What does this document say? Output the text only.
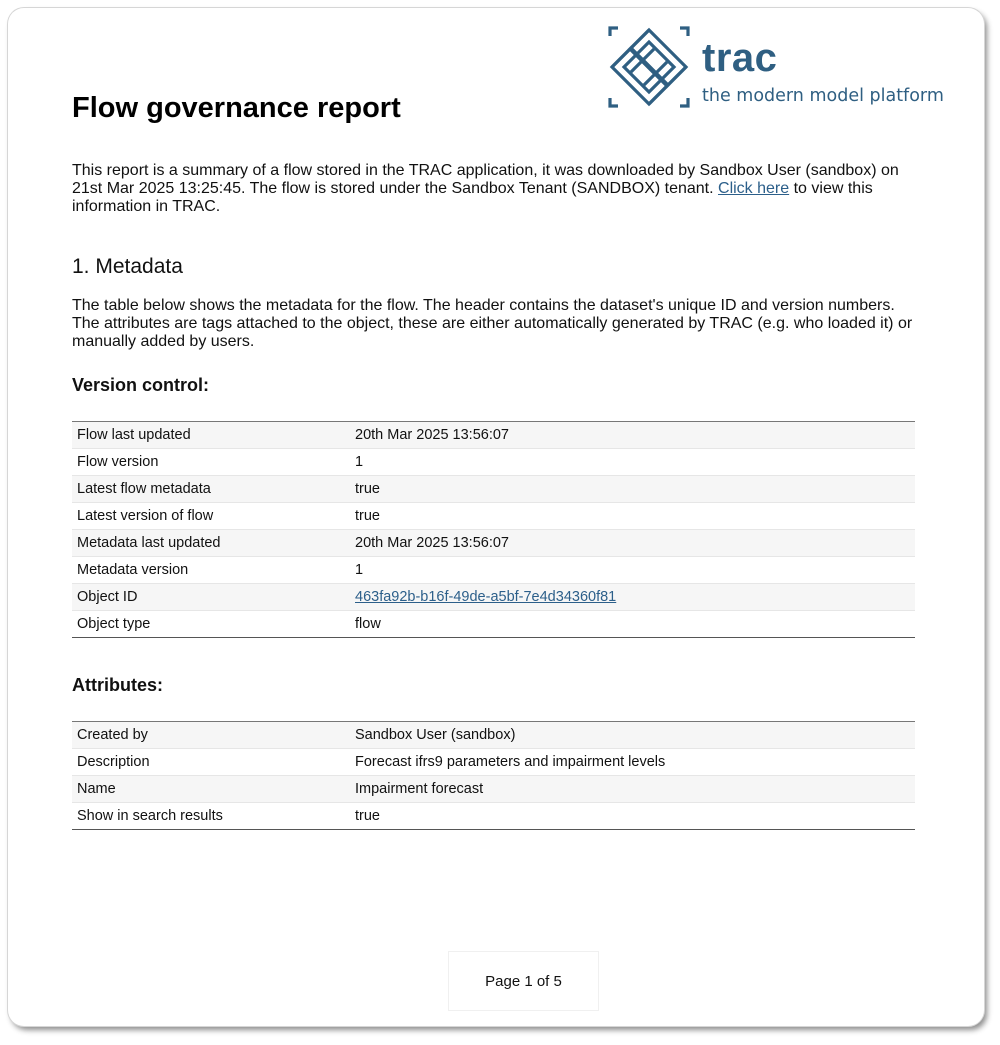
trac
the modern model platform
Flow governance report

This report is a summary of a flow stored in the TRAC application, it was downloaded by Sandbox User (sandbox) on 21st Mar 2025 13:25:45. The flow is stored under the Sandbox Tenant (SANDBOX) tenant. Click here to view this information in TRAC.

1. Metadata

The table below shows the metadata for the flow. The header contains the dataset's unique ID and version numbers. The attributes are tags attached to the object, these are either automatically generated by TRAC (e.g. who loaded it) or manually added by users.

Version control:
Flow last updated	20th Mar 2025 13:56:07
Flow version	1
Latest flow metadata	true
Latest version of flow	true
Metadata last updated	20th Mar 2025 13:56:07
Metadata version	1
Object ID	463fa92b-b16f-49de-a5bf-7e4d34360f81
Object type	flow
Attributes:
Created by	Sandbox User (sandbox)
Description	Forecast ifrs9 parameters and impairment levels
Name	Impairment forecast
Show in search results	true
Page 1 of 5
